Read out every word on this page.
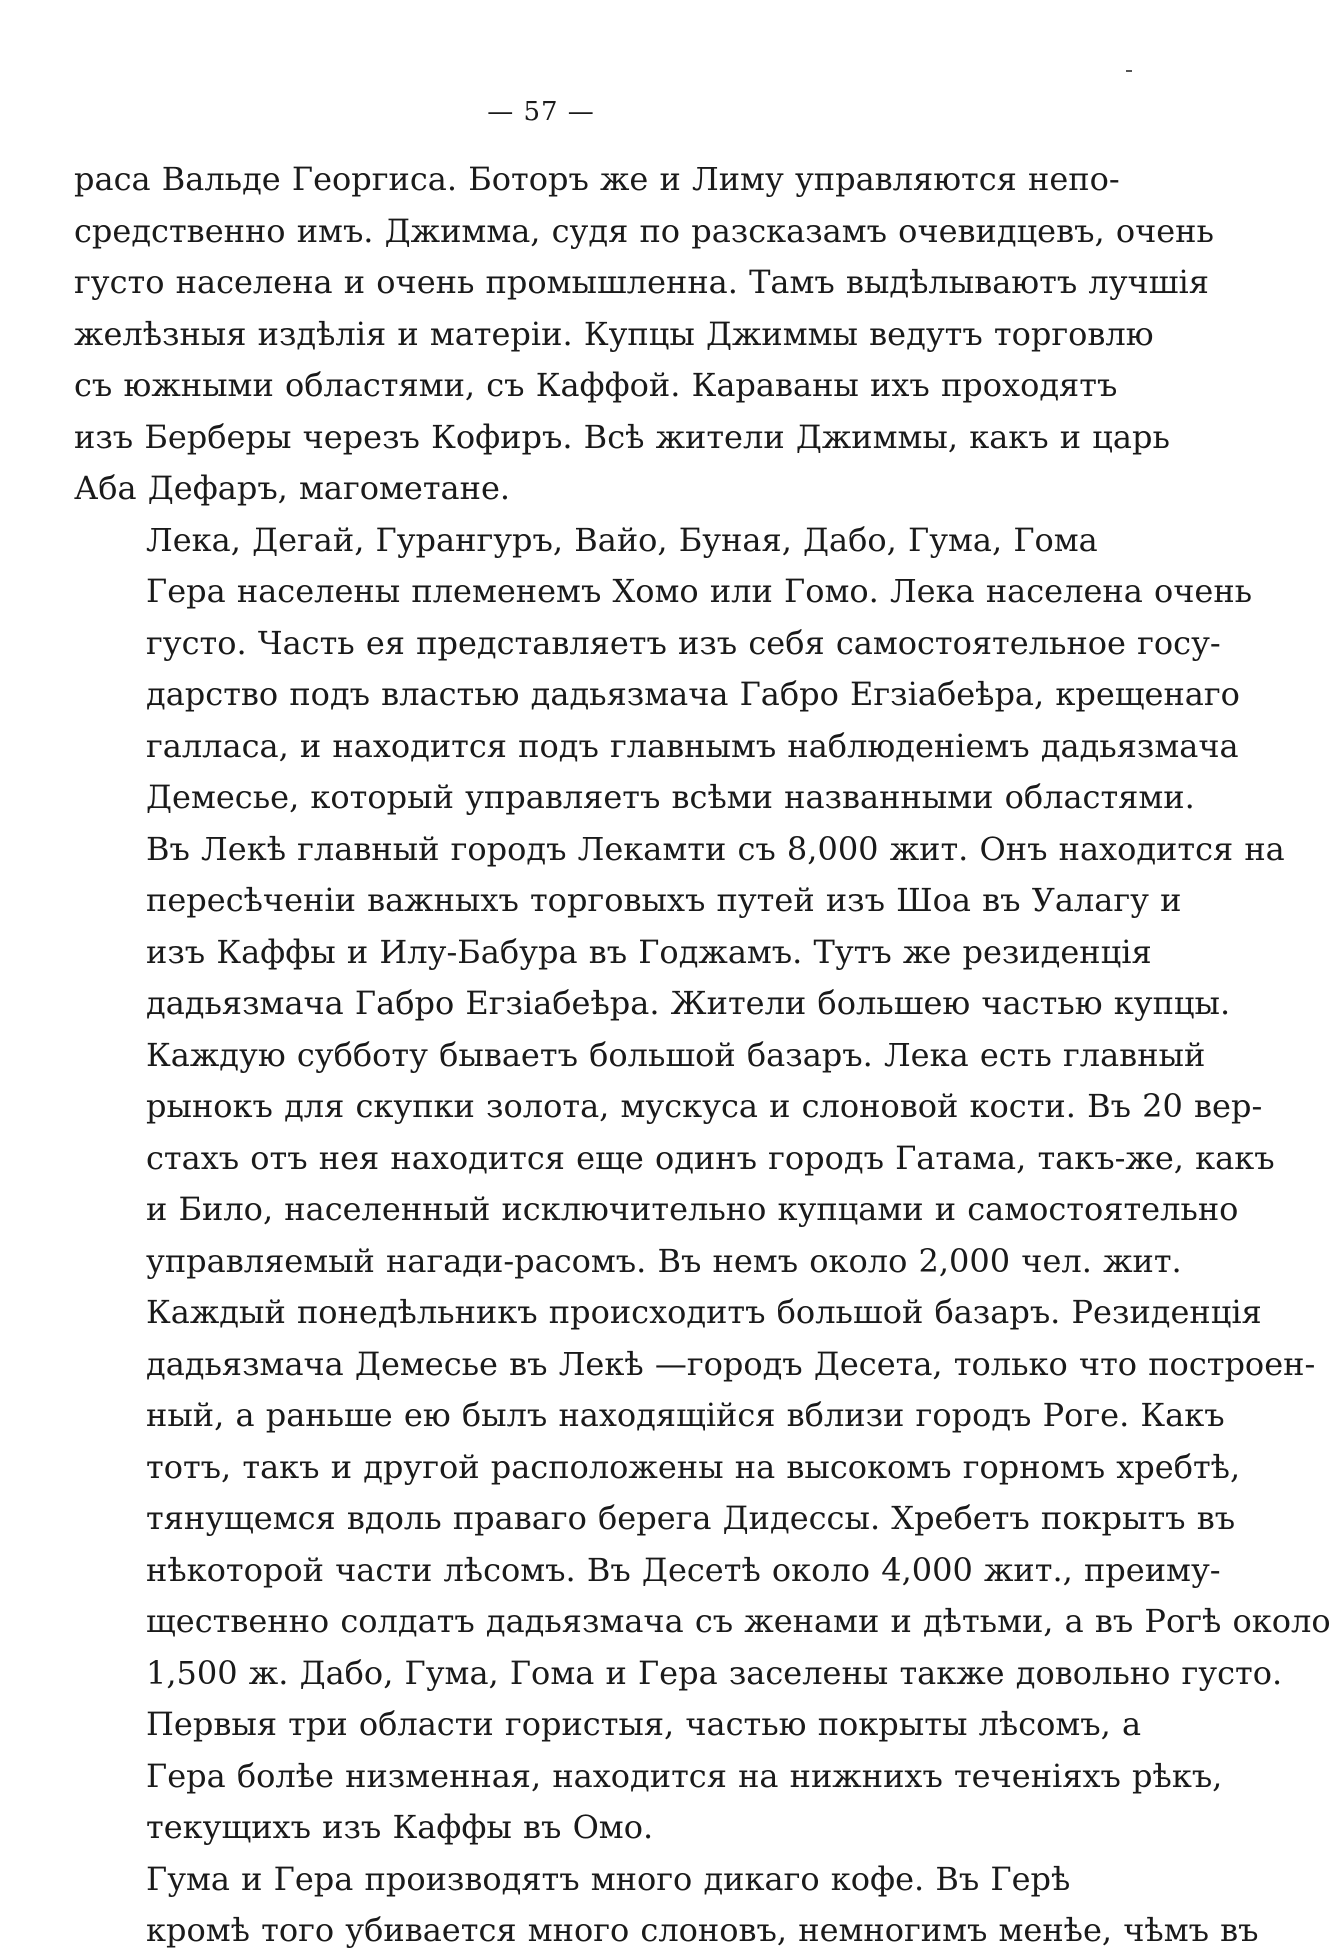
— 57 —
раса Вальде Георгиса. Боторъ же и Лиму управляются непо-
средственно имъ. Джимма, судя по разсказамъ очевидцевъ, очень
густо населена и очень промышленна. Тамъ выдѣлываютъ лучшія
желѣзныя издѣлія и матеріи. Купцы Джиммы ведутъ торговлю
съ южными областями, съ Каффой. Караваны ихъ проходятъ
изъ Берберы черезъ Кофиръ. Всѣ жители Джиммы, какъ и царь
Аба Дефаръ, магометане.
Лека, Дегай, Гурангуръ, Вайо, Буная, Дабо, Гума, Гома
Гера населены племенемъ Хомо или Гомо. Лека населена очень
густо. Часть ея представляетъ изъ себя самостоятельное госу-
дарство подъ властью дадьязмача Габро Егзіабеѣра, крещенаго
галласа, и находится подъ главнымъ наблюденіемъ дадьязмача
Демесье, который управляетъ всѣми названными областями.
Въ Лекѣ главный городъ Лекамти съ 8,000 жит. Онъ находится на
пересѣченіи важныхъ торговыхъ путей изъ Шоа въ Уалагу и
изъ Каффы и Илу-Бабура въ Годжамъ. Тутъ же резиденція
дадьязмача Габро Егзіабеѣра. Жители большею частью купцы.
Каждую субботу бываетъ большой базаръ. Лека есть главный
рынокъ для скупки золота, мускуса и слоновой кости. Въ 20 вер-
стахъ отъ нея находится еще одинъ городъ Гатама, такъ-же, какъ
и Било, населенный исключительно купцами и самостоятельно
управляемый нагади-расомъ. Въ немъ около 2,000 чел. жит.
Каждый понедѣльникъ происходитъ большой базаръ. Резиденція
дадьязмача Демесье въ Лекѣ —городъ Десета, только что построен-
ный, а раньше ею былъ находящійся вблизи городъ Роге. Какъ
тотъ, такъ и другой расположены на высокомъ горномъ хребтѣ,
тянущемся вдоль праваго берега Дидессы. Хребетъ покрытъ въ
нѣкоторой части лѣсомъ. Въ Десетѣ около 4,000 жит., преиму-
щественно солдатъ дадьязмача съ женами и дѣтьми, а въ Рогѣ около
1,500 ж. Дабо, Гума, Гома и Гера заселены также довольно густо.
Первыя три области гористыя, частью покрыты лѣсомъ, а
Гера болѣе низменная, находится на нижнихъ теченіяхъ рѣкъ,
текущихъ изъ Каффы въ Омо.
Гума и Гера производятъ много дикаго кофе. Въ Герѣ
кромѣ того убивается много слоновъ, немногимъ менѣе, чѣмъ въ
